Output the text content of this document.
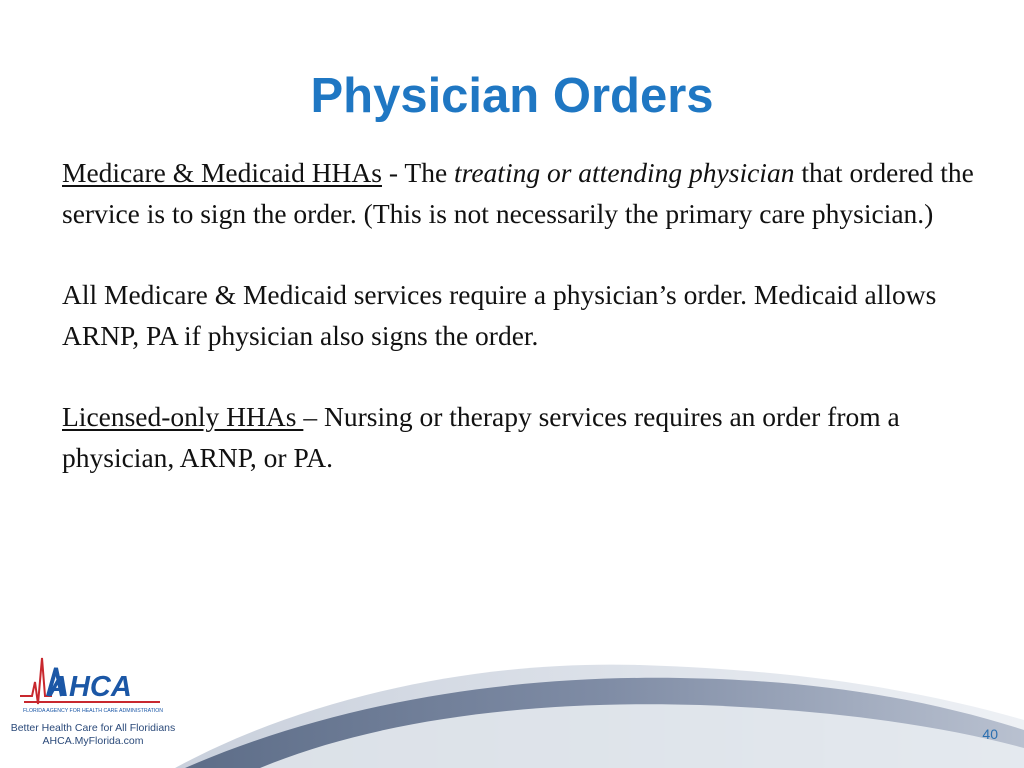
Physician Orders

Medicare & Medicaid HHAs - The treating or attending physician that ordered the service is to sign the order. (This is not necessarily the primary care physician.)

All Medicare & Medicaid services require a physician’s order. Medicaid allows ARNP, PA if physician also signs the order.

Licensed-only HHAs – Nursing or therapy services requires an order from a physician, ARNP, or PA.

AHCA
FLORIDA AGENCY FOR HEALTH CARE ADMINISTRATION
Better Health Care for All Floridians
AHCA.MyFlorida.com	40
